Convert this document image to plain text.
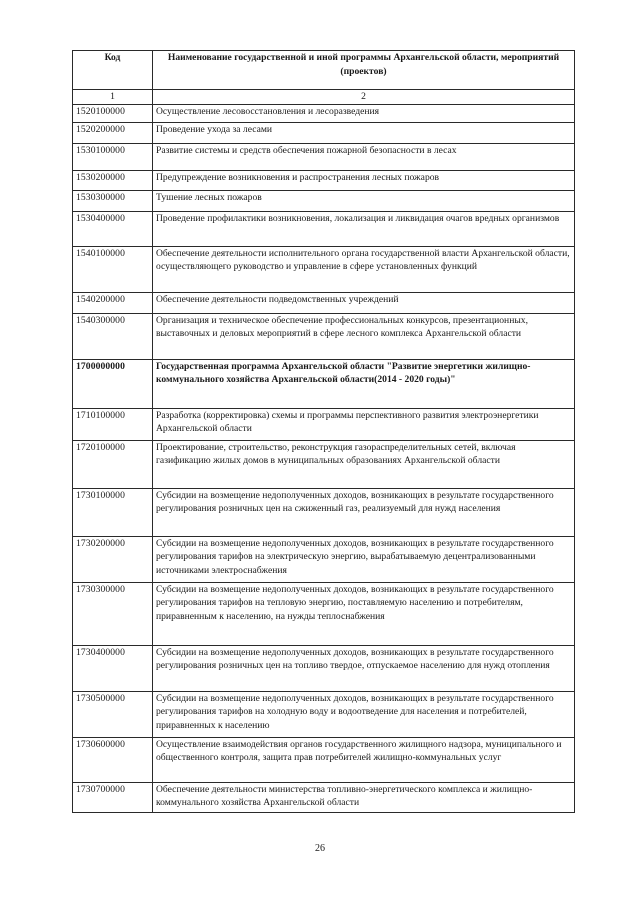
Код	Наименование государственной и иной программы Архангельской области, мероприятий (проектов)
1	2
1520100000	Осуществление лесовосстановления и лесоразведения
1520200000	Проведение ухода за лесами
1530100000	Развитие системы и средств обеспечения пожарной безопасности в лесах
1530200000	Предупреждение возникновения и распространения лесных пожаров
1530300000	Тушение лесных пожаров
1530400000	Проведение профилактики возникновения, локализация и ликвидация очагов вредных организмов
1540100000	Обеспечение деятельности исполнительного органа государственной власти Архангельской области, осуществляющего руководство и управление в сфере установленных функций
1540200000	Обеспечение деятельности подведомственных учреждений
1540300000	Организация и техническое обеспечение профессиональных конкурсов, презентационных, выставочных и деловых мероприятий в сфере лесного комплекса Архангельской области
1700000000	Государственная программа Архангельской области "Развитие энергетики жилищно-коммунального хозяйства Архангельской области(2014 - 2020 годы)"
1710100000	Разработка (корректировка) схемы и программы перспективного развития электроэнергетики Архангельской области
1720100000	Проектирование, строительство, реконструкция газораспределительных сетей, включая газификацию жилых домов в муниципальных образованиях Архангельской области
1730100000	Субсидии на возмещение недополученных доходов, возникающих в результате государственного регулирования розничных цен на сжиженный газ, реализуемый для нужд населения
1730200000	Субсидии на возмещение недополученных доходов, возникающих в результате государственного регулирования тарифов на электрическую энергию, вырабатываемую децентрализованными источниками электроснабжения
1730300000	Субсидии на возмещение недополученных доходов, возникающих в результате государственного регулирования тарифов на тепловую энергию, поставляемую населению и потребителям, приравненным к населению, на нужды теплоснабжения
1730400000	Субсидии на возмещение недополученных доходов, возникающих в результате государственного регулирования розничных цен на топливо твердое, отпускаемое населению для нужд отопления
1730500000	Субсидии на возмещение недополученных доходов, возникающих в результате государственного регулирования тарифов на холодную воду и водоотведение для населения и потребителей, приравненных к населению
1730600000	Осуществление взаимодействия органов государственного жилищного надзора, муниципального и общественного контроля, защита прав потребителей жилищно-коммунальных услуг
1730700000	Обеспечение деятельности министерства топливно-энергетического комплекса и жилищно-коммунального хозяйства Архангельской области
26
